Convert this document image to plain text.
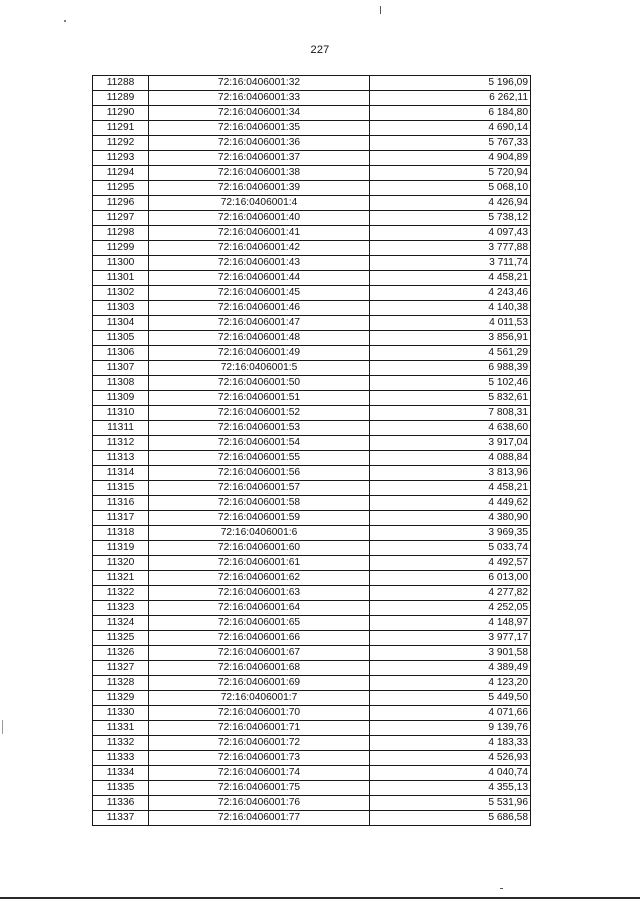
227
11288	72:16:0406001:32	5 196,09
11289	72:16:0406001:33	6 262,11
11290	72:16:0406001:34	6 184,80
11291	72:16:0406001:35	4 690,14
11292	72:16:0406001:36	5 767,33
11293	72:16:0406001:37	4 904,89
11294	72:16:0406001:38	5 720,94
11295	72:16:0406001:39	5 068,10
11296	72:16:0406001:4	4 426,94
11297	72:16:0406001:40	5 738,12
11298	72:16:0406001:41	4 097,43
11299	72:16:0406001:42	3 777,88
11300	72:16:0406001:43	3 711,74
11301	72:16:0406001:44	4 458,21
11302	72:16:0406001:45	4 243,46
11303	72:16:0406001:46	4 140,38
11304	72:16:0406001:47	4 011,53
11305	72:16:0406001:48	3 856,91
11306	72:16:0406001:49	4 561,29
11307	72:16:0406001:5	6 988,39
11308	72:16:0406001:50	5 102,46
11309	72:16:0406001:51	5 832,61
11310	72:16:0406001:52	7 808,31
11311	72:16:0406001:53	4 638,60
11312	72:16:0406001:54	3 917,04
11313	72:16:0406001:55	4 088,84
11314	72:16:0406001:56	3 813,96
11315	72:16:0406001:57	4 458,21
11316	72:16:0406001:58	4 449,62
11317	72:16:0406001:59	4 380,90
11318	72:16:0406001:6	3 969,35
11319	72:16:0406001:60	5 033,74
11320	72:16:0406001:61	4 492,57
11321	72:16:0406001:62	6 013,00
11322	72:16:0406001:63	4 277,82
11323	72:16:0406001:64	4 252,05
11324	72:16:0406001:65	4 148,97
11325	72:16:0406001:66	3 977,17
11326	72:16:0406001:67	3 901,58
11327	72:16:0406001:68	4 389,49
11328	72:16:0406001:69	4 123,20
11329	72:16:0406001:7	5 449,50
11330	72:16:0406001:70	4 071,66
11331	72:16:0406001:71	9 139,76
11332	72:16:0406001:72	4 183,33
11333	72:16:0406001:73	4 526,93
11334	72:16:0406001:74	4 040,74
11335	72:16:0406001:75	4 355,13
11336	72:16:0406001:76	5 531,96
11337	72:16:0406001:77	5 686,58
